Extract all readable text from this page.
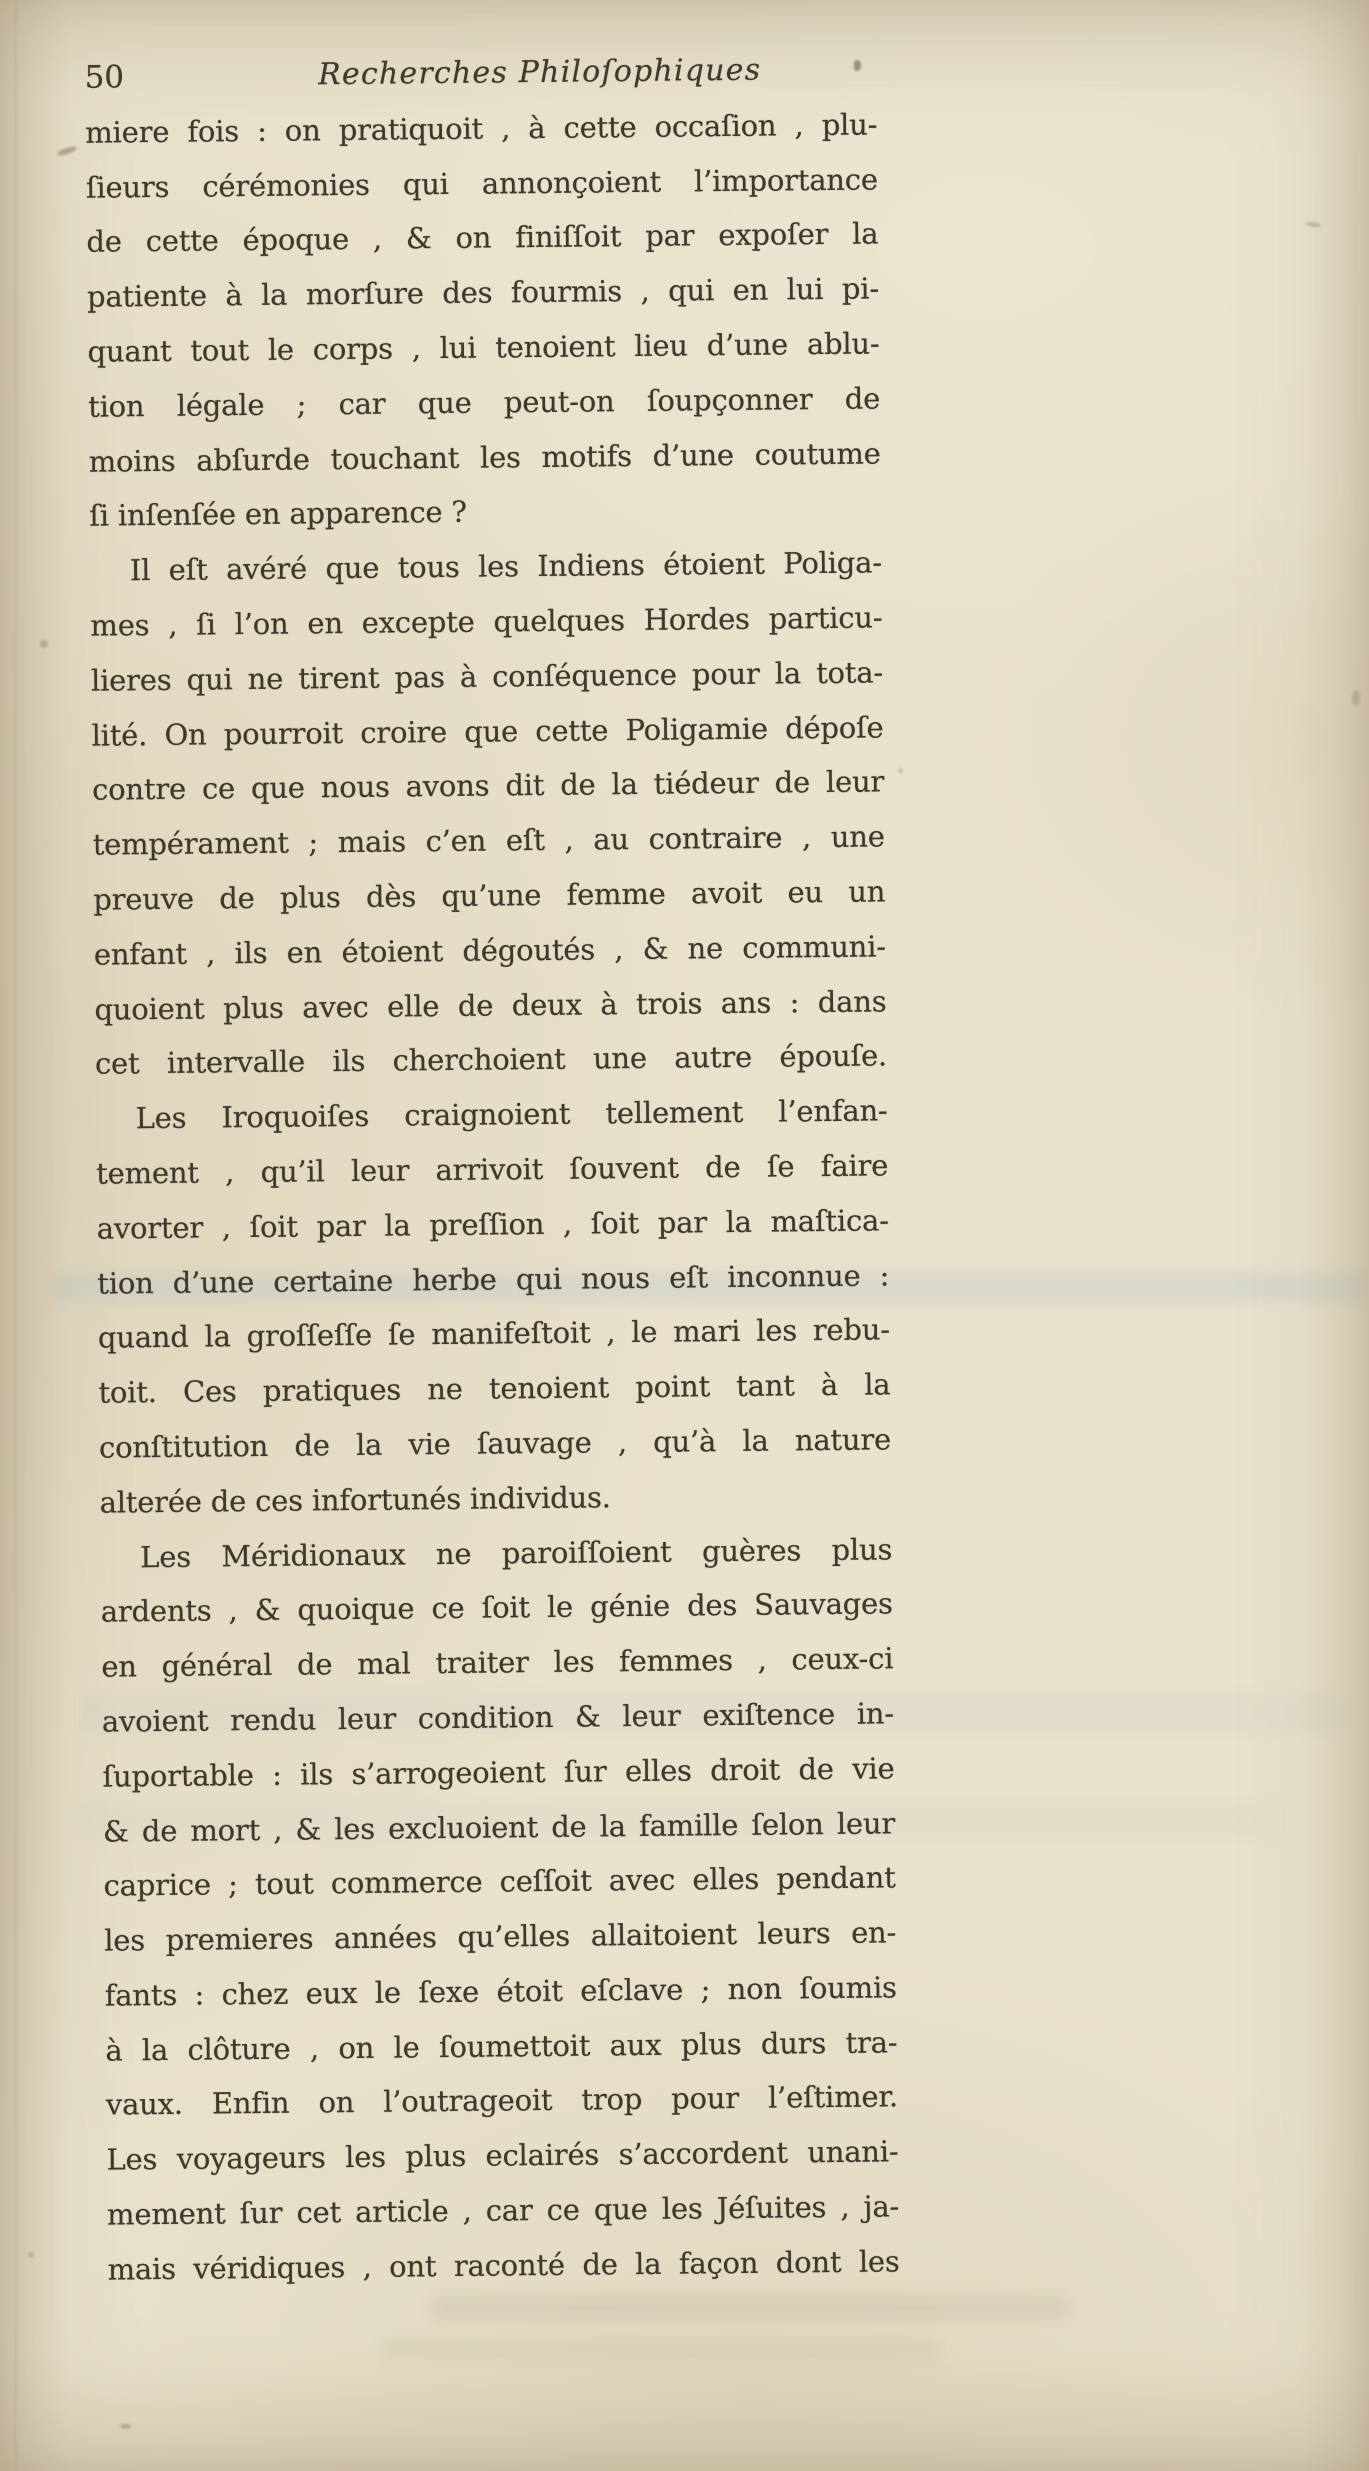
50	Recherches Philoſophiques
miere fois : on pratiquoit , à cette occaſion , plu-
ſieurs cérémonies qui annonçoient l’importance
de cette époque , & on finiſſoit par expoſer la
patiente à la morſure des fourmis , qui en lui pi-
quant tout le corps , lui tenoient lieu d’une ablu-
tion légale ; car que peut-on ſoupçonner de
moins abſurde touchant les motifs d’une coutume
ſi inſenſée en apparence ?
Il eſt avéré que tous les Indiens étoient Poliga-
mes , ſi l’on en excepte quelques Hordes particu-
lieres qui ne tirent pas à conſéquence pour la tota-
lité. On pourroit croire que cette Poligamie dépoſe
contre ce que nous avons dit de la tiédeur de leur
tempérament ; mais c’en eſt , au contraire , une
preuve de plus dès qu’une femme avoit eu un
enfant , ils en étoient dégoutés , & ne communi-
quoient plus avec elle de deux à trois ans : dans
cet intervalle ils cherchoient une autre épouſe.
Les Iroquoiſes craignoient tellement l’enfan-
tement , qu’il leur arrivoit ſouvent de ſe faire
avorter , ſoit par la preſſion , ſoit par la maſtica-
tion d’une certaine herbe qui nous eſt inconnue :
quand la groſſeſſe ſe manifeſtoit , le mari les rebu-
toit. Ces pratiques ne tenoient point tant à la
conſtitution de la vie ſauvage , qu’à la nature
alterée de ces infortunés individus.
Les Méridionaux ne paroiſſoient guères plus
ardents , & quoique ce ſoit le génie des Sauvages
en général de mal traiter les femmes , ceux-ci
avoient rendu leur condition & leur exiſtence in-
ſuportable : ils s’arrogeoient ſur elles droit de vie
& de mort , & les excluoient de la famille ſelon leur
caprice ; tout commerce ceſſoit avec elles pendant
les premieres années qu’elles allaitoient leurs en-
fants : chez eux le ſexe étoit eſclave ; non ſoumis
à la clôture , on le ſoumettoit aux plus durs tra-
vaux. Enfin on l’outrageoit trop pour l’eſtimer.
Les voyageurs les plus eclairés s’accordent unani-
mement ſur cet article , car ce que les Jéſuites , ja-
mais véridiques , ont raconté de la façon dont les
